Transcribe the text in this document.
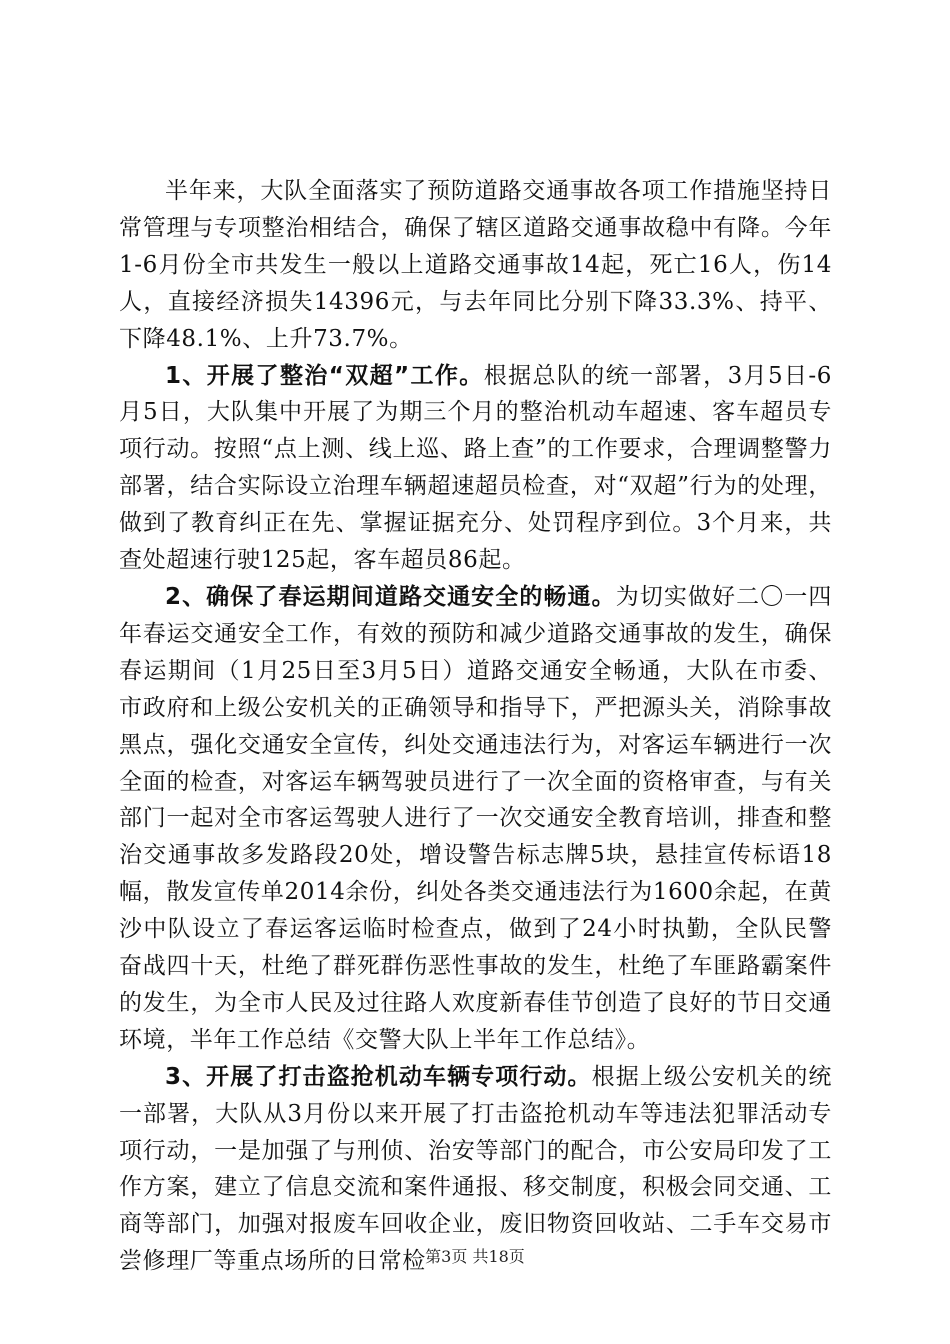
半年来，大队全面落实了预防道路交通事故各项工作措施坚持日常管理与专项整治相结合，确保了辖区道路交通事故稳中有降。今年1-6月份全市共发生一般以上道路交通事故14起，死亡16人，伤14人，直接经济损失14396元，与去年同比分别下降33.3%、持平、下降48.1%、上升73.7%。

1、开展了整治“双超”工作。根据总队的统一部署，3月5日-6月5日，大队集中开展了为期三个月的整治机动车超速、客车超员专项行动。按照“点上测、线上巡、路上查”的工作要求，合理调整警力部署，结合实际设立治理车辆超速超员检查，对“双超”行为的处理，做到了教育纠正在先、掌握证据充分、处罚程序到位。3个月来，共查处超速行驶125起，客车超员86起。

2、确保了春运期间道路交通安全的畅通。为切实做好二〇一四年春运交通安全工作，有效的预防和减少道路交通事故的发生，确保春运期间（1月25日至3月5日）道路交通安全畅通，大队在市委、市政府和上级公安机关的正确领导和指导下，严把源头关，消除事故黑点，强化交通安全宣传，纠处交通违法行为，对客运车辆进行一次全面的检查，对客运车辆驾驶员进行了一次全面的资格审查，与有关部门一起对全市客运驾驶人进行了一次交通安全教育培训，排查和整治交通事故多发路段20处，增设警告标志牌5块，悬挂宣传标语18幅，散发宣传单2014余份，纠处各类交通违法行为1600余起，在黄沙中队设立了春运客运临时检查点，做到了24小时执勤，全队民警奋战四十天，杜绝了群死群伤恶性事故的发生，杜绝了车匪路霸案件的发生，为全市人民及过往路人欢度新春佳节创造了良好的节日交通环境，半年工作总结《交警大队上半年工作总结》。

3、开展了打击盗抢机动车辆专项行动。根据上级公安机关的统一部署，大队从3月份以来开展了打击盗抢机动车等违法犯罪活动专项行动，一是加强了与刑侦、治安等部门的配合，市公安局印发了工作方案，建立了信息交流和案件通报、移交制度，积极会同交通、工商等部门，加强对报废车回收企业，废旧物资回收站、二手车交易市尝修理厂等重点场所的日常检 第3页 共18页
